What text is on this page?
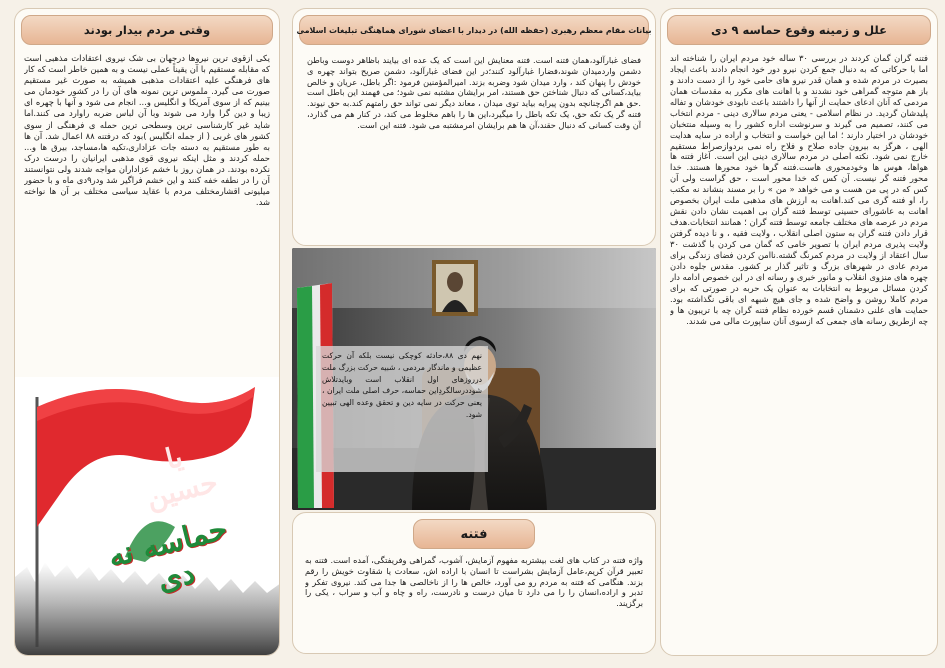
علل و زمینه وقوع حماسه ۹ دی
فتنه گران گمان کردند در بررسی ۳۰ ساله خود مردم ایران را شناخته اند اما با حرکاتی که به دنبال جمع کردن نیرو دور خود انجام دادند باعث ایجاد بصیرت در مردم شده و همان قدر نیرو های حامی خود را از دست دادند و باز هم متوجه گمراهی خود نشدند و با اهانت های مکرر به مقدسات همان مردمی که آنان ادعای حمایت از آنها را داشتند باعث نابودی خودشان و تفاله پلیدشان گردید. در نظام اسلامی - یعنی مردم سالاری دینی - مردم انتخاب می کنند، تصمیم می گیرند و سرنوشت اداره کشور را به وسیله منتخبان خودشان در اختیار دارند ؛ اما این خواست و انتخاب و اراده در سایه هدایت الهی ، هرگز به بیرون جاده صلاح و فلاح راه نمی بردوازصراط مستقیم خارج نمی شود. نکته اصلی در مردم سالاری دینی این است. آغاز فتنه ها هواها، هوس ها وخودمحوری هاست.فتنه گرها خود محورها هستند. خدا محور فتنه گر نیست. آن کس که خدا محور است ، حق گراست ولی آن کس که در پی من هست و می خواهد « من » را بر مسند بنشاند نه مکتب را، او فتنه گری می کند.اهانت به ارزش های مذهبی ملت ایران بخصوص اهانت به عاشورای حسینی توسط فتنه گران بی اهمیت نشان دادن نقش مردم در عرصه های مختلف جامعه توسط فتنه گران ؛ همانند انتخابات.هدف قرار دادن فتنه گران به ستون اصلی انقلاب ، ولایت فقیه ، و نا دیده گرفتن ولایت پذیری مردم ایران با تصویر خامی که گمان می کردن با گذشت ۳۰ سال اعتقاد از ولایت در مردم کمرنگ گشته.ناامن کردن فضای زندگی برای مردم عادی در شهرهای بزرگ و تاثیر گذار بر کشور. مقدس جلوه دادن چهره های منزوی انقلاب و مانور خبری و رسانه ای در این خصوص ادامه دار کردن مسائل مربوط به انتخابات به عنوان یک حربه در صورتی که برای مردم کاملا روشن و واضح شده و جای هیچ شبهه ای باقی نگذاشته بود. حمایت های علنی دشمنان قسم خورده نظام فتنه گران چه با تریبون ها و چه ازطریق رسانه های جمعی که ازسوی آنان ساپورت مالی می شدند.
بیانات مقام معظم رهبری (حفظه الله) در دیدار با اعضای شورای هماهنگی تبلیغات اسلامی
فضای غبارآلود،همان فتنه است. فتنه معنایش این است که یک عده ای بیایند باظاهر دوست وباطن دشمن واردمیدان شوند،فضارا غبارآلود کنند؛در این فضای غبارآلود، دشمن صریح بتواند چهره ی خودش را پنهان کند ، وارد میدان شود وضربه بزند. امیرالمؤمنین فرمود :اگر باطل، عریان و خالص بیاید،کسانی که دنبال شناختن حق هستند، امر برایشان مشتبه نمی شود؛ می فهمند این باطل است .حق هم اگرچنانچه بدون پیرایه بیاید توی میدان ، معاند دیگر نمی تواند حق رامتهم کند.به حق نیوند. فتنه گر یک تکه حق، یک تکه باطل را میگیرد،این ها را باهم مخلوط می کند، در کنار هم می گذارد، آن وقت کسانی که دنبال حقند،آن ها هم برایشان امرمشتبه می شود. فتنه این است.
نهم دی ۸۸،حادثه کوچکی نیست بلکه آن حرکت عظیمی و ماندگار مردمی ، شبیه حرکت بزرگ ملت درروزهای اول انقلاب است وبایدتلاش شوددرسالگردِاین حماسه، حرف اصلی ملت ایران ، یعنی حرکت در سایه دین و تحقق وعده الهی تبیین شود.
وقتی مردم بیدار بودند
یکی ازقوی ترین نیروها درجهان بی شک نیروی اعتقادات مذهبی است که مقابله مستقیم با آن یقیناً عملی نیست و به همین خاطر است که کار های فرهنگی علیه اعتقادات مذهبی همیشه به صورت غیر مستقیم صورت می گیرد. ملموس ترین نمونه های آن را در کشور خودمان می بینیم که از سوی آمریکا و انگلیس و... انجام می شود و آنها با چهره ای زیبا و دین گرا وارد می شوند وبا آن لباس ضربه راوارد می کنند.اما شاید غیر کارشناسی ترین وسطحی ترین حمله ی فرهنگی از سوی کشور های غربی ( از جمله انگلیس )بود که درفتنه ۸۸ اعمال شد. آن ها به طور مستقیم به دسته جات عزاداری،تکیه ها،مساجد، بیرق ها و... حمله کردند و مثل اینکه نیروی قوی مذهبی ایرانیان را درست درک نکرده بودند. در همان روز با خشم عزاداران مواجه شدند ولی نتوانستند آن را در نطفه خفه کنند و این خشم فراگیر شد ودر۹دی ماه و با حضور میلیونی اقشارمختلف مردم با عقاید سیاسی مختلف بر آن ها نواخته شد.
یا حسین
حماسه نه دی
فتنه
واژه فتنه در کتاب های لغت بیشتربه مفهوم آزمایش، آشوب، گمراهی وفریفتگی، آمده است. فتنه به تعبیر قرآن کریم،عامل آزمایش بشراست تا انسان با اراده اش، سعادت یا شقاوت خویش را رقم بزند. هنگامی که فتنه به مردم رو می آورد، خالص ها را از ناخالصی ها جدا می کند. نیروی تفکر و تدبر و اراده،انسان را را می دارد تا میان درست و نادرست، راه و چاه و آب و سراب ، یکی را برگزیند.
